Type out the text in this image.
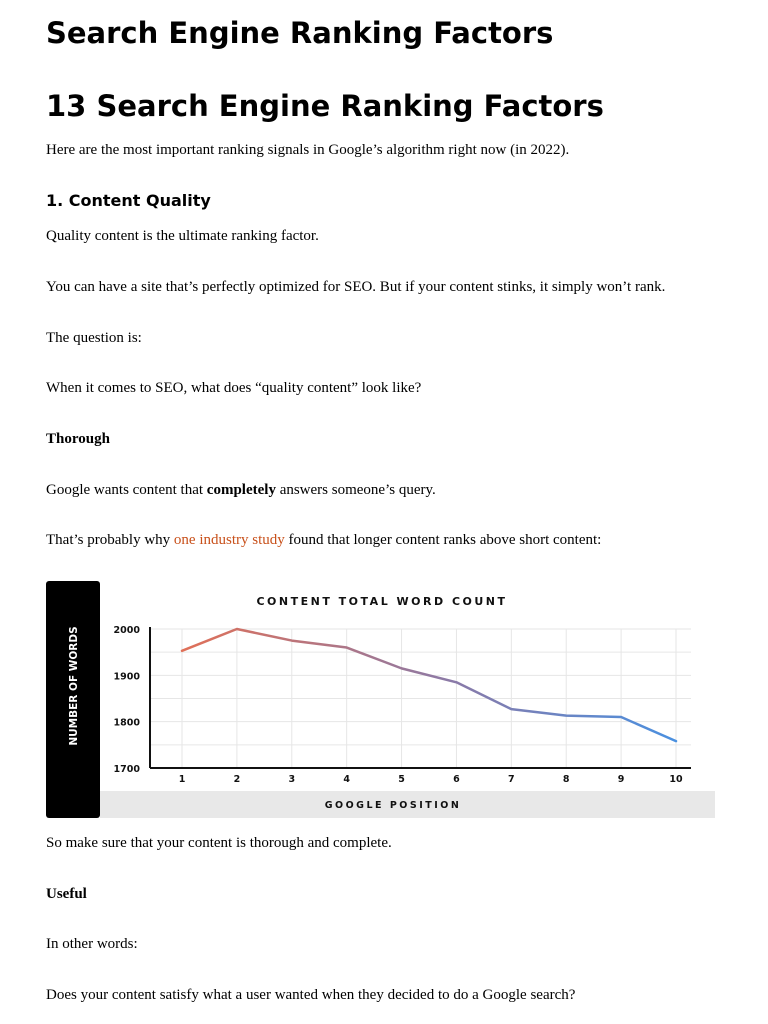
Search Engine Ranking Factors
13 Search Engine Ranking Factors

Here are the most important ranking signals in Google’s algorithm right now (in 2022).

1. Content Quality

Quality content is the ultimate ranking factor.

You can have a site that’s perfectly optimized for SEO. But if your content stinks, it simply won’t rank.

The question is:

When it comes to SEO, what does “quality content” look like?

Thorough

Google wants content that completely answers someone’s query.

That’s probably why one industry study found that longer content ranks above short content:

CONTENT TOTAL WORD COUNT
GOOGLE POSITION
NUMBER OF WORDS
1700
1800
1900
2000
1	2	3	4	5	6	7	8	9	10

So make sure that your content is thorough and complete.

Useful

In other words:

Does your content satisfy what a user wanted when they decided to do a Google search?
